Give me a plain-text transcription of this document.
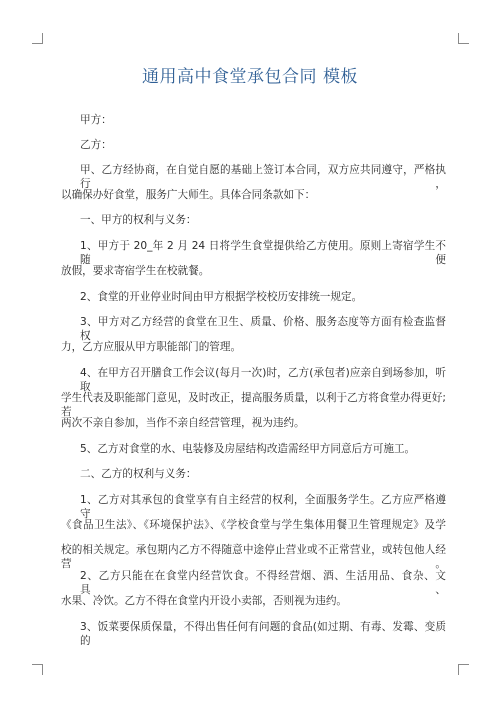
通用高中食堂承包合同 模板
甲方：
乙方：
甲、乙方经协商，在自觉自愿的基础上签订本合同，双方应共同遵守，严格执行，
以确保办好食堂，服务广大师生。具体合同条款如下：
一、甲方的权利与义务：
1、甲方于 20_年 2 月 24 日将学生食堂提供给乙方使用。原则上寄宿学生不随便
放假，要求寄宿学生在校就餐。
2、食堂的开业停业时间由甲方根据学校校历安排统一规定。
3、甲方对乙方经营的食堂在卫生、质量、价格、服务态度等方面有检查监督权
力，乙方应服从甲方职能部门的管理。
4、在甲方召开膳食工作会议(每月一次)时，乙方(承包者)应亲自到场参加，听取
学生代表及职能部门意见，及时改正，提高服务质量，以利于乙方将食堂办得更好;若
两次不亲自参加，当作不亲自经营管理，视为违约。
5、乙方对食堂的水、电装修及房屋结构改造需经甲方同意后方可施工。
二、乙方的权利与义务：
1、乙方对其承包的食堂享有自主经营的权利，全面服务学生。乙方应严格遵守
《食品卫生法》、《环境保护法》、《学校食堂与学生集体用餐卫生管理规定》及学
校的相关规定。承包期内乙方不得随意中途停止营业或不正常营业，或转包他人经营。
2、乙方只能在在食堂内经营饮食。不得经营烟、酒、生活用品、食杂、文具、
水果、冷饮。乙方不得在食堂内开设小卖部，否则视为违约。
3、饭菜要保质保量，不得出售任何有问题的食品(如过期、有毒、发霉、变质的
